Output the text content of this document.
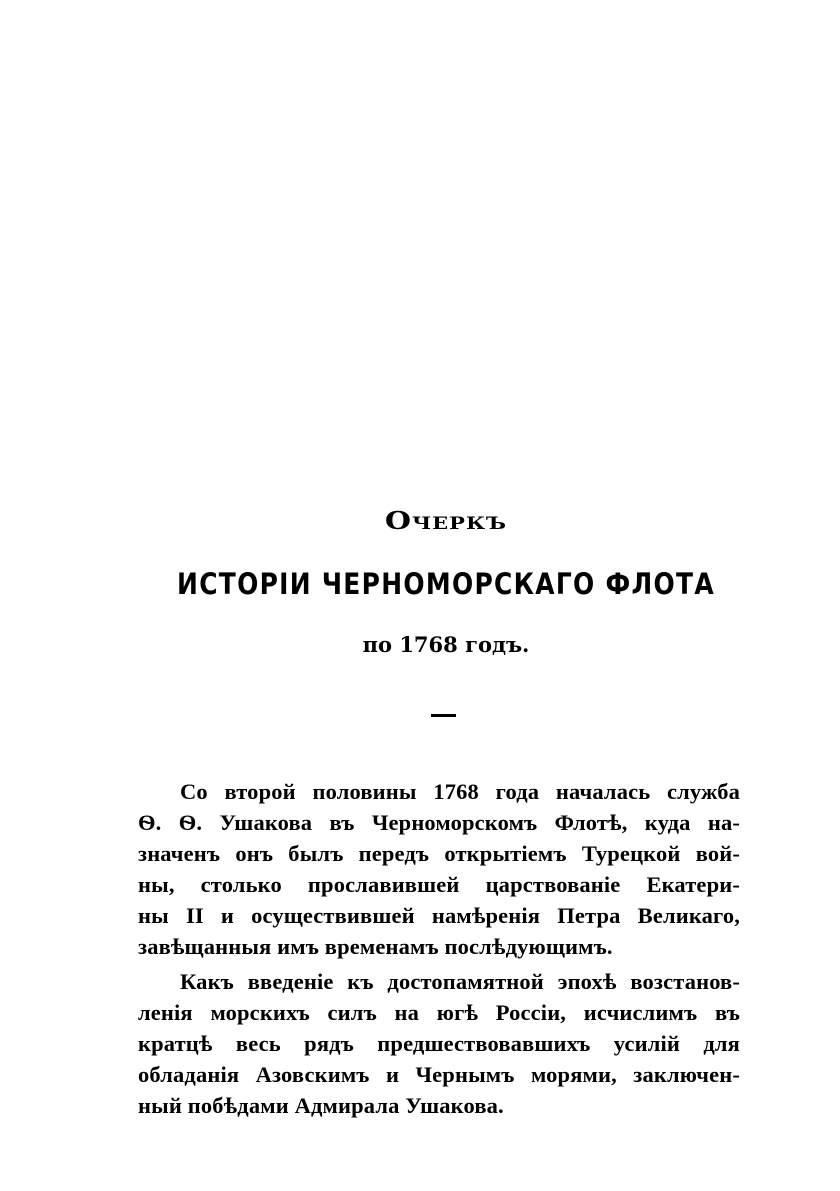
Очеркъ
ИСТОРІИ ЧЕРНОМОРСКАГО ФЛОТА
по 1768 годъ.

Со второй половины 1768 года началась служба
Ѳ. Ѳ. Ушакова въ Черноморскомъ Флотѣ, куда на-
значенъ онъ былъ передъ открытіемъ Турецкой вой-
ны, столько прославившей царствованіе Екатери-
ны II и осуществившей намѣренія Петра Великаго,
завѣщанныя имъ временамъ послѣдующимъ.

Какъ введеніе къ достопамятной эпохѣ возстанов-
ленія морскихъ силъ на югѣ Россіи, исчислимъ въ
кратцѣ весь рядъ предшествовавшихъ усилій для
обладанія Азовскимъ и Чернымъ морями, заключен-
ный побѣдами Адмирала Ушакова.
